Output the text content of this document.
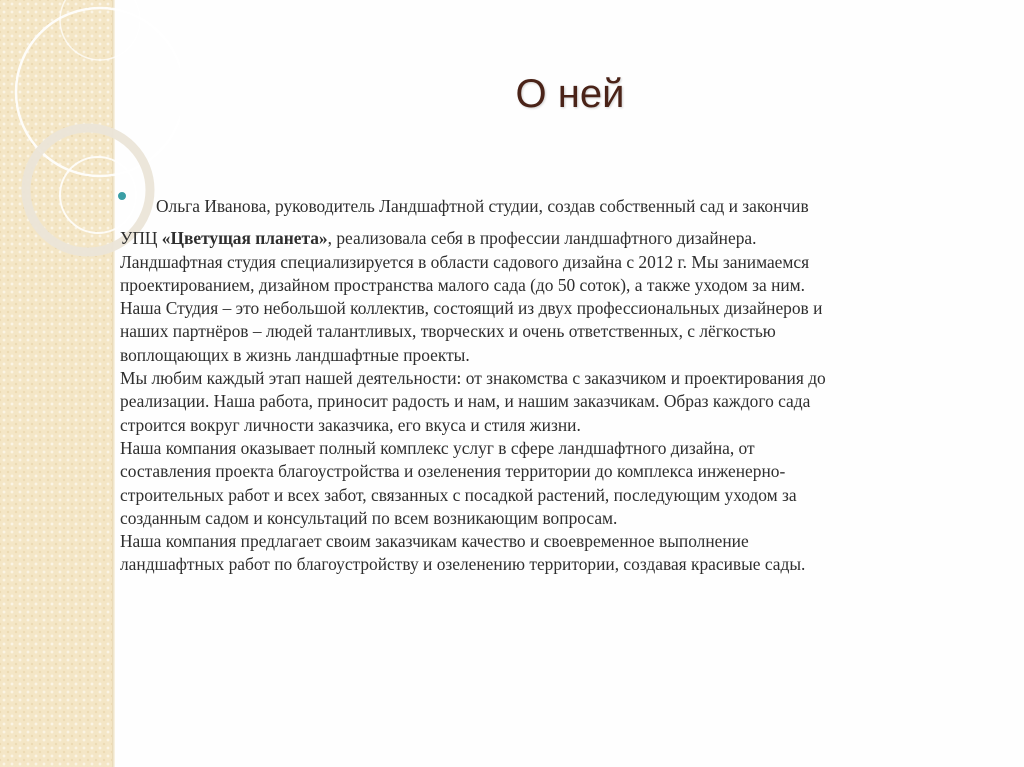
О ней
Ольга Иванова, руководитель Ландшафтной студии, создав собственный сад и закончив
УПЦ «Цветущая планета», реализовала себя в профессии ландшафтного дизайнера.
Ландшафтная студия специализируется в области садового дизайна с 2012 г. Мы занимаемся
проектированием, дизайном пространства малого сада (до 50 соток), а также уходом за ним.
Наша Студия – это небольшой коллектив, состоящий из двух профессиональных дизайнеров и
наших партнёров – людей талантливых, творческих и очень ответственных, с лёгкостью
воплощающих в жизнь ландшафтные проекты.
Мы любим каждый этап нашей деятельности: от знакомства с заказчиком и проектирования до
реализации. Наша работа, приносит радость и нам, и нашим заказчикам. Образ каждого сада
строится вокруг личности заказчика, его вкуса и стиля жизни.
Наша компания оказывает полный комплекс услуг в сфере ландшафтного дизайна, от
составления проекта благоустройства и озеленения территории до комплекса инженерно-
строительных работ и всех забот, связанных с посадкой растений, последующим уходом за
созданным садом и консультаций по всем возникающим вопросам.
Наша компания предлагает своим заказчикам качество и своевременное выполнение
ландшафтных работ по благоустройству и озеленению территории, создавая красивые сады.
